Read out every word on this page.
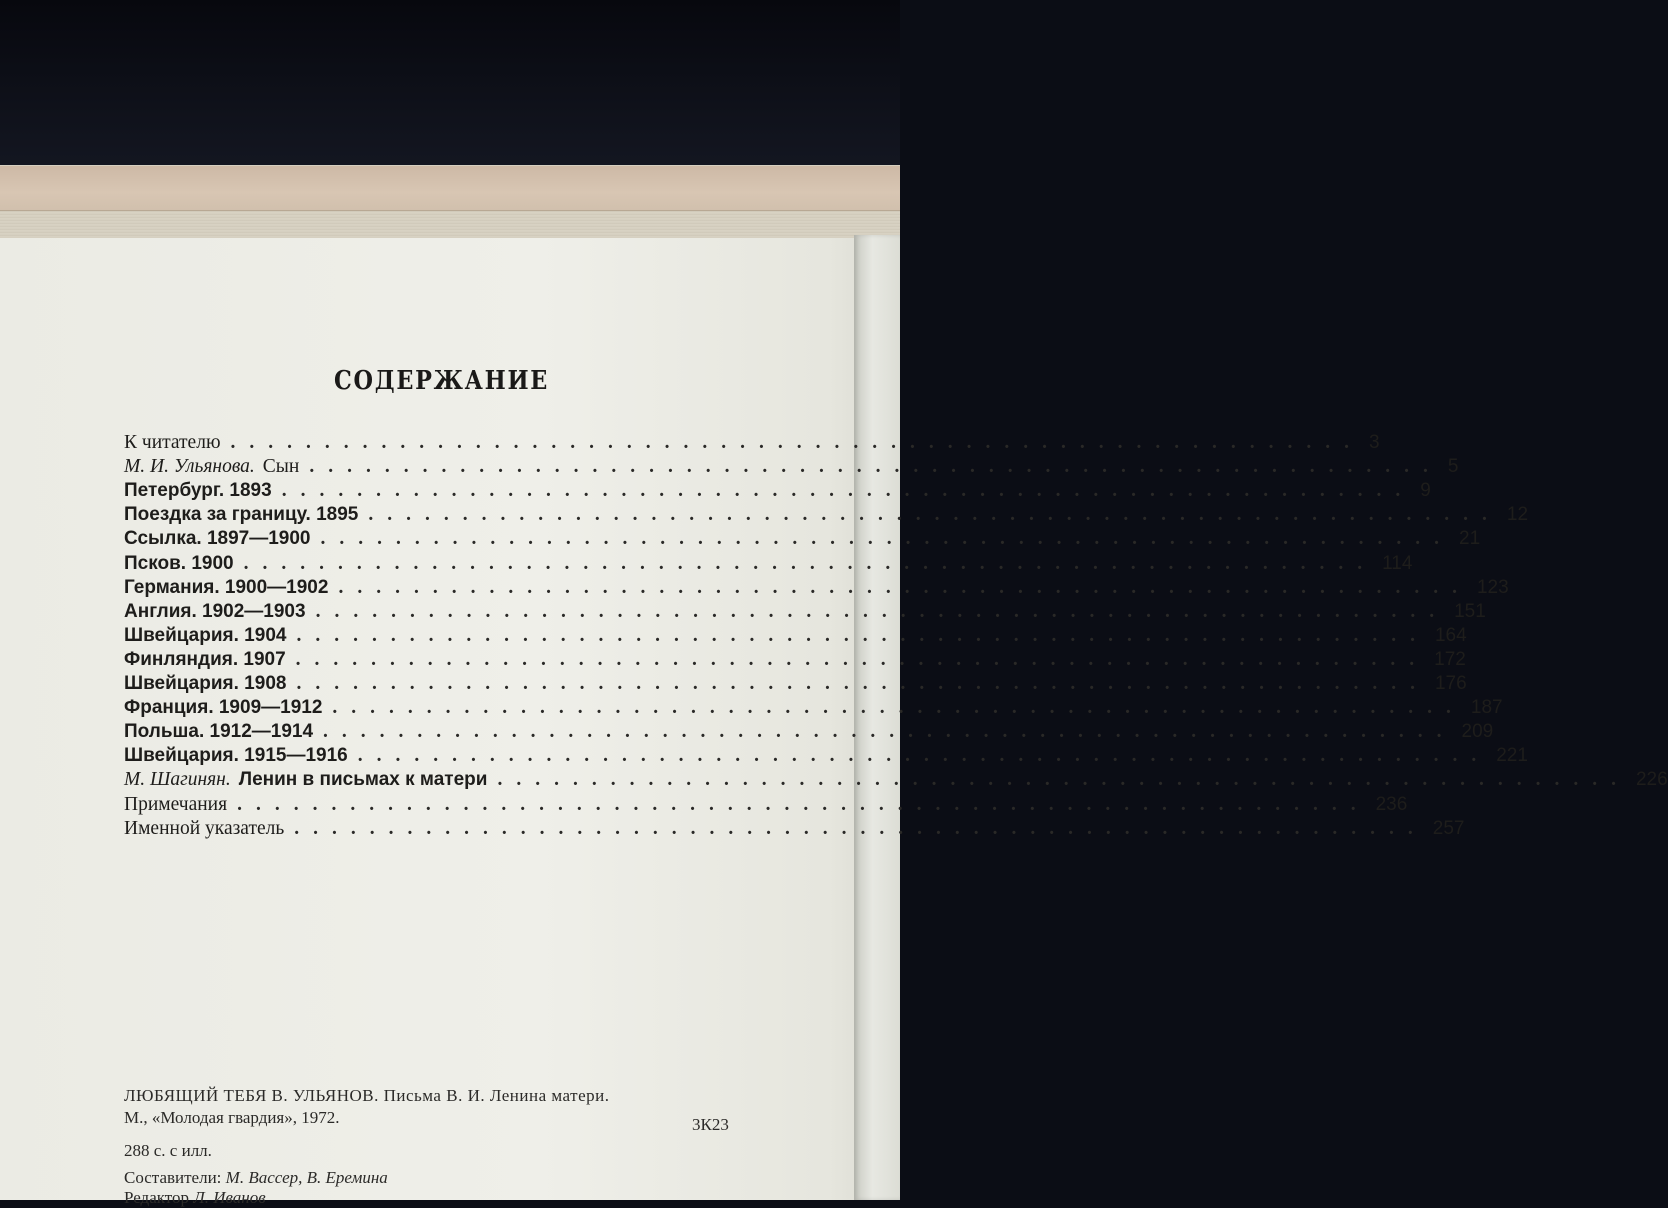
СОДЕРЖАНИЕ
К читателю ............................................................ 3
М. И. Ульянова. Сын ............................................................ 5
Петербург. 1893 ............................................................ 9
Поездка за границу. 1895 ............................................................ 12
Ссылка. 1897—1900 ............................................................ 21
Псков. 1900 ............................................................ 114
Германия. 1900—1902 ............................................................ 123
Англия. 1902—1903 ............................................................ 151
Швейцария. 1904 ............................................................ 164
Финляндия. 1907 ............................................................ 172
Швейцария. 1908 ............................................................ 176
Франция. 1909—1912 ............................................................ 187
Польша. 1912—1914 ............................................................ 209
Швейцария. 1915—1916 ............................................................ 221
М. Шагинян. Ленин в письмах к матери ............................................................ 226
Примечания ............................................................ 236
Именной указатель ............................................................ 257
ЛЮБЯЩИЙ ТЕБЯ В. УЛЬЯНОВ. Письма В. И. Ленина матери.
М., «Молодая гвардия», 1972.	3К23
288 с. с илл.
Составители: М. Вассер, В. Еремина
Редактор Л. Иванов
